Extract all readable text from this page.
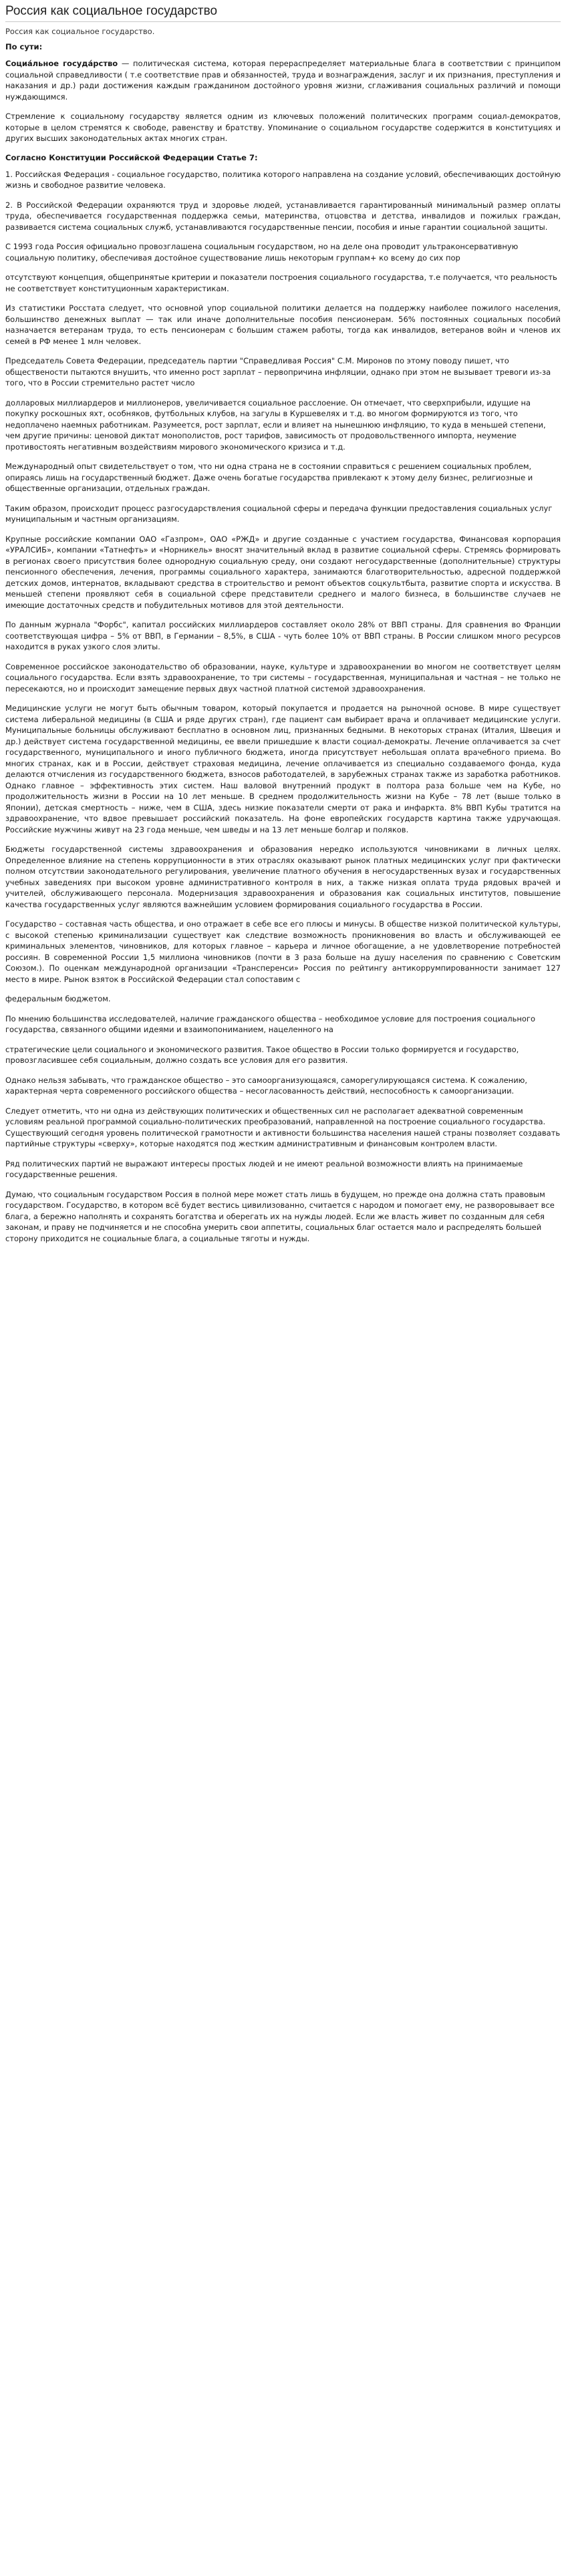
Россия как социальное государство
Россия как социальное государство.
По сути:

Социа́льное госуда́рство — политическая система, которая перераспределяет материальные блага в соответствии с принципом социальной справедливости ( т.е соответствие прав и обязанностей, труда и вознаграждения, заслуг и их признания, преступления и наказания и др.) ради достижения каждым гражданином достойного уровня жизни, сглаживания социальных различий и помощи нуждающимся.

Стремление к социальному государству является одним из ключевых положений политических программ социал-демократов, которые в целом стремятся к свободе, равенству и братству. Упоминание о социальном государстве содержится в конституциях и других высших законодательных актах многих стран.

Согласно Конституции Российской Федерации Статье 7:

1. Российская Федерация - социальное государство, политика которого направлена на создание условий, обеспечивающих достойную жизнь и свободное развитие человека.

2. В Российской Федерации охраняются труд и здоровье людей, устанавливается гарантированный минимальный размер оплаты труда, обеспечивается государственная поддержка семьи, материнства, отцовства и детства, инвалидов и пожилых граждан, развивается система социальных служб, устанавливаются государственные пенсии, пособия и иные гарантии социальной защиты.

С 1993 года Россия официально провозглашена социальным государством, но на деле она проводит ультраконсервативную социальную политику, обеспечивая достойное существование лишь некоторым группам+ ко всему до сих пор

отсутствуют концепция, общепринятые критерии и показатели построения социального государства, т.е получается, что реальность не соответствует конституционным характеристикам.

Из статистики Росстата следует, что основной упор социальной политики делается на поддержку наиболее пожилого населения, большинство денежных выплат — так или иначе дополнительные пособия пенсионерам. 56% постоянных социальных пособий назначается ветеранам труда, то есть пенсионерам с большим стажем работы, тогда как инвалидов, ветеранов войн и членов их семей в РФ менее 1 млн человек.

Председатель Совета Федерации, председатель партии "Справедливая Россия" С.М. Миронов по этому поводу пишет, что обществености пытаются внушить, что именно рост зарплат – первопричина инфляции, однако при этом не вызывает тревоги из-за того, что в России стремительно растет число

долларовых миллиардеров и миллионеров, увеличивается социальное расслоение. Он отмечает, что сверхприбыли, идущие на покупку роскошных яхт, особняков, футбольных клубов, на загулы в Куршевелях и т.д. во многом формируются из того, что недоплачено наемных работникам. Разумеется, рост зарплат, если и влияет на нынешнюю инфляцию, то куда в меньшей степени, чем другие причины: ценовой диктат монополистов, рост тарифов, зависимость от продовольственного импорта, неумение противостоять негативным воздействиям мирового экономического кризиса и т.д.

Международный опыт свидетельствует о том, что ни одна страна не в состоянии справиться с решением социальных проблем, опираясь лишь на государственный бюджет. Даже очень богатые государства привлекают к этому делу бизнес, религиозные и общественные организации, отдельных граждан.

Таким образом, происходит процесс разгосударствления социальной сферы и передача функции предоставления социальных услуг муниципальным и частным организациям.

Крупные российские компании ОАО «Газпром», ОАО «РЖД» и другие созданные с участием государства, Финансовая корпорация «УРАЛСИБ», компании «Татнефть» и «Норникель» вносят значительный вклад в развитие социальной сферы. Стремясь формировать в регионах своего присутствия более однородную социальную среду, они создают негосударственные (дополнительные) структуры пенсионного обеспечения, лечения, программы социального характера, занимаются благотворительностью, адресной поддержкой детских домов, интернатов, вкладывают средства в строительство и ремонт объектов соцкультбыта, развитие спорта и искусства. В меньшей степени проявляют себя в социальной сфере представители среднего и малого бизнеса, в большинстве случаев не имеющие достаточных средств и побудительных мотивов для этой деятельности.

По данным журнала "Форбс", капитал российских миллиардеров составляет около 28% от ВВП страны. Для сравнения во Франции соответствующая цифра – 5% от ВВП, в Германии – 8,5%, в США - чуть более 10% от ВВП страны. В России слишком много ресурсов находится в руках узкого слоя элиты.

Современное российское законодательство об образовании, науке, культуре и здравоохранении во многом не соответствует целям социального государства. Если взять здравоохранение, то три системы – государственная, муниципальная и частная – не только не пересекаются, но и происходит замещение первых двух частной платной системой здравоохранения.

Медицинские услуги не могут быть обычным товаром, который покупается и продается на рыночной основе. В мире существует система либеральной медицины (в США и ряде других стран), где пациент сам выбирает врача и оплачивает медицинские услуги. Муниципальные больницы обслуживают бесплатно в основном лиц, признанных бедными. В некоторых странах (Италия, Швеция и др.) действует система государственной медицины, ее ввели пришедшие к власти социал-демократы. Лечение оплачивается за счет государственного, муниципального и иного публичного бюджета, иногда присутствует небольшая оплата врачебного приема. Во многих странах, как и в России, действует страховая медицина, лечение оплачивается из специально создаваемого фонда, куда делаются отчисления из государственного бюджета, взносов работодателей, в зарубежных странах также из заработка работников. Однако главное – эффективность этих систем. Наш валовой внутренний продукт в полтора раза больше чем на Кубе, но продолжительность жизни в России на 10 лет меньше. В среднем продолжительность жизни на Кубе – 78 лет (выше только в Японии), детская смертность – ниже, чем в США, здесь низкие показатели смерти от рака и инфаркта. 8% ВВП Кубы тратится на здравоохранение, что вдвое превышает российский показатель. На фоне европейских государств картина также удручающая. Российские мужчины живут на 23 года меньше, чем шведы и на 13 лет меньше болгар и поляков.

Бюджеты государственной системы здравоохранения и образования нередко используются чиновниками в личных целях. Определенное влияние на степень коррупционности в этих отраслях оказывают рынок платных медицинских услуг при фактически полном отсутствии законодательного регулирования, увеличение платного обучения в негосударственных вузах и государственных учебных заведениях при высоком уровне административного контроля в них, а также низкая оплата труда рядовых врачей и учителей, обслуживающего персонала. Модернизация здравоохранения и образования как социальных институтов, повышение качества государственных услуг являются важнейшим условием формирования социального государства в России.

Государство – составная часть общества, и оно отражает в себе все его плюсы и минусы. В обществе низкой политической культуры, с высокой степенью криминализации существует как следствие возможность проникновения во власть и обслуживающей ее криминальных элементов, чиновников, для которых главное – карьера и личное обогащение, а не удовлетворение потребностей россиян. В современной России 1,5 миллиона чиновников (почти в 3 раза больше на душу населения по сравнению с Советским Союзом.). По оценкам международной организации «Трансперенси» Россия по рейтингу антикоррумпированности занимает 127 место в мире. Рынок взяток в Российской Федерации стал сопоставим с

федеральным бюджетом.

По мнению большинства исследователей, наличие гражданского общества – необходимое условие для построения социального государства, связанного общими идеями и взаимопониманием, нацеленного на

стратегические цели социального и экономического развития. Такое общество в России только формируется и государство, провозгласившее себя социальным, должно создать все условия для его развития.

Однако нельзя забывать, что гражданское общество – это самоорганизующаяся, саморегулирующаяся система. К сожалению, характерная черта современного российского общества – несогласованность действий, неспособность к самоорганизации.

Следует отметить, что ни одна из действующих политических и общественных сил не располагает адекватной современным условиям реальной программой социально-политических преобразований, направленной на построение социального государства. Существующий сегодня уровень политической грамотности и активности большинства населения нашей страны позволяет создавать партийные структуры «сверху», которые находятся под жестким административным и финансовым контролем власти.

Ряд политических партий не выражают интересы простых людей и не имеют реальной возможности влиять на принимаемые государственные решения.

Думаю, что социальным государством Россия в полной мере может стать лишь в будущем, но прежде она должна стать правовым государством. Государство, в котором всё будет вестись цивилизованно, считается с народом и помогает ему, не разворовывает все блага, а бережно наполнять и сохранять богатства и оберегать их на нужды людей. Если же власть живет по созданным для себя законам, и праву не подчиняется и не способна умерить свои аппетиты, социальных благ остается мало и распределять большей сторону приходится не социальные блага, а социальные тяготы и нужды.
